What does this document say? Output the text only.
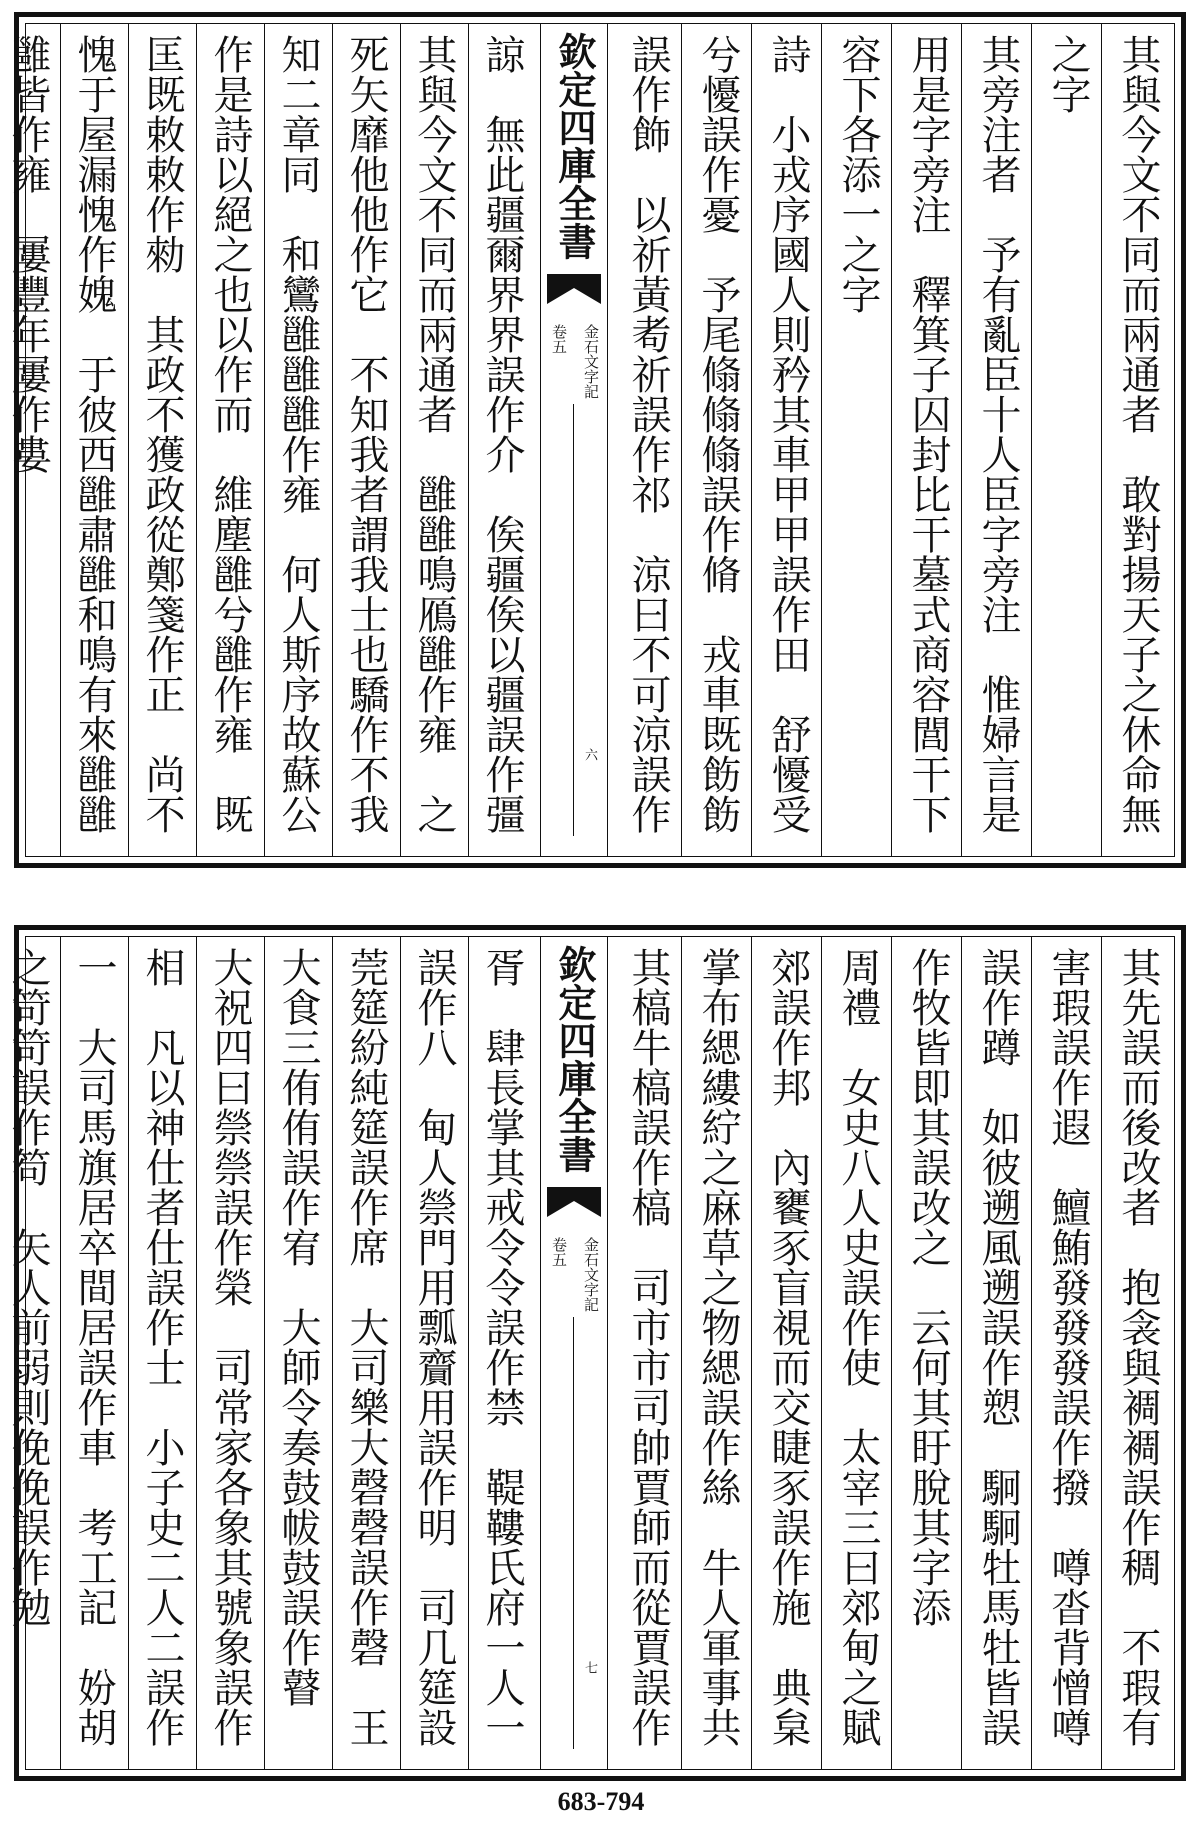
其與今文不同而兩通者　敢對揚天子之休命無
之字
其旁注者　予有亂臣十人臣字旁注　惟婦言是
用是字旁注　釋箕子囚封比干墓式商容閭干下
容下各添一之字
詩　小戎序國人則矜其車甲甲誤作田　舒懮受
兮懮誤作憂　予尾翛翛翛誤作脩　戎車既飭飭
誤作飾　以祈黃耇祈誤作祁　涼曰不可涼誤作
欽定四庫全書
金石文字記
卷五
六
諒　無此疆爾界界誤作介　俟疆俟以疆誤作彊
其與今文不同而兩通者　雝雝鳴鴈雝作雍　之
死矢靡他他作它　不知我者謂我士也驕作不我
知二章同　和鸞雝雝雝作雍　何人斯序故蘇公
作是詩以絕之也以作而　維塵雝兮雝作雍　既
匡既敕敕作勑　其政不獲政從鄭箋作正　尚不
愧于屋漏愧作媿　于彼西雝肅雝和鳴有來雝雝
雝皆作雍　屢豐年屢作婁
其先誤而後改者　抱衾與裯裯誤作稠　不瑕有
害瑕誤作遐　鱣鮪發發發誤作撥　噂沓背憎噂
誤作蹲　如彼遡風遡誤作愬　駉駉牡馬牡皆誤
作牧皆即其誤改之　云何其盱脫其字添
周禮　女史八人史誤作使　太宰三曰郊甸之賦
郊誤作邦　內饔豕盲視而交睫豕誤作施　典枲
掌布緦縷紵之麻草之物緦誤作絲　牛人軍事共
其槁牛槁誤作槁　司市市司帥賈師而從賈誤作
欽定四庫全書
金石文字記
卷五
七
胥　肆長掌其戒令令誤作禁　鞮鞻氏府一人一
誤作八　甸人禜門用瓢齎用誤作明　司几筵設
莞筵紛純筵誤作席　大司樂大磬磬誤作磬　王
大食三侑侑誤作宥　大師令奏鼓帗鼓誤作瞽
大祝四曰禜禜誤作榮　司常家各象其號象誤作
相　凡以神仕者仕誤作士　小子史二人二誤作
一　大司馬旗居卒間居誤作車　考工記　妢胡
之笴笴誤作笱　矢人前弱則俛俛誤作勉
683-794
